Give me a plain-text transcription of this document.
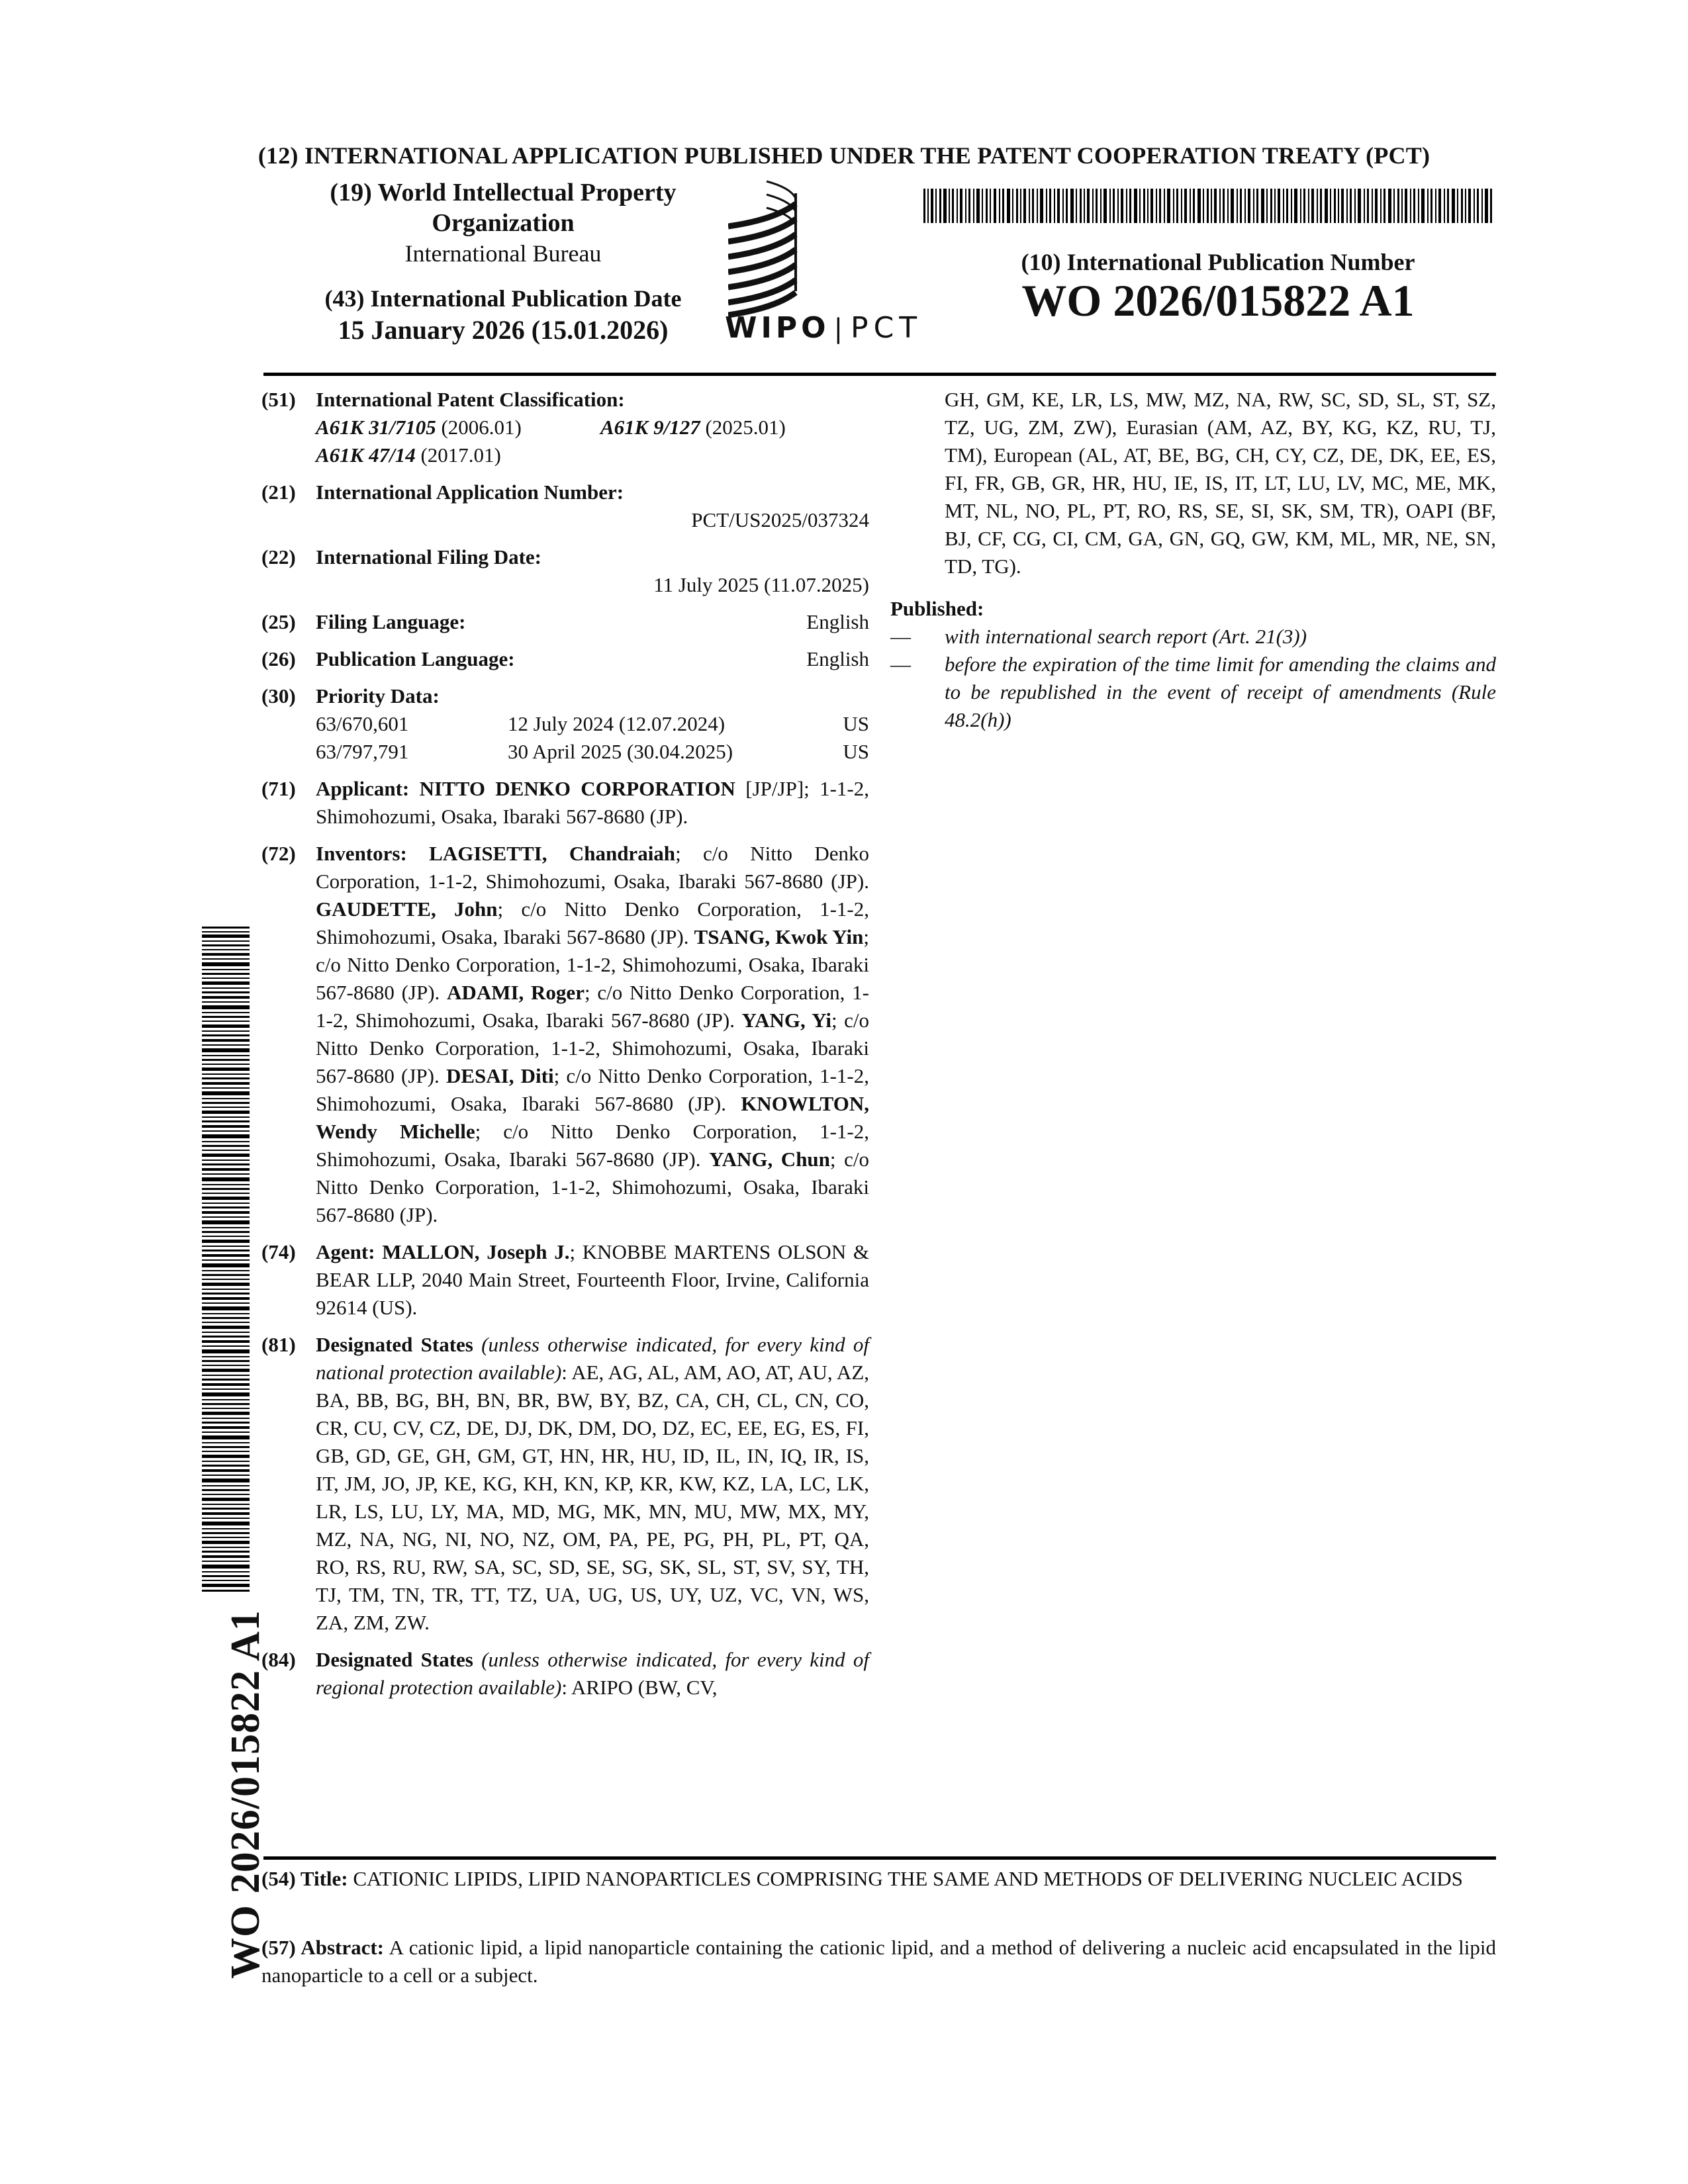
(12) INTERNATIONAL APPLICATION PUBLISHED UNDER THE PATENT COOPERATION TREATY (PCT)
(19) World Intellectual Property
Organization
International Bureau
(43) International Publication Date
15 January 2026 (15.01.2026)	WIPO | PCT
(10) International Publication Number
WO 2026/015822 A1
(51) International Patent Classification:
A61K 31/7105 (2006.01)	A61K 9/127 (2025.01)
A61K 47/14 (2017.01)
(21) International Application Number:
PCT/US2025/037324
(22) International Filing Date:
11 July 2025 (11.07.2025)
(25) Filing Language:	English
(26) Publication Language:	English
(30) Priority Data:
63/670,601	12 July 2024 (12.07.2024)	US
63/797,791	30 April 2025 (30.04.2025)	US
(71) Applicant: NITTO DENKO CORPORATION [JP/JP]; 1-1-2, Shimohozumi, Osaka, Ibaraki 567-8680 (JP).
(72) Inventors: LAGISETTI, Chandraiah; c/o Nitto Denko Corporation, 1-1-2, Shimohozumi, Osaka, Ibaraki 567-8680 (JP). GAUDETTE, John; c/o Nitto Denko Corporation, 1-1-2, Shimohozumi, Osaka, Ibaraki 567-8680 (JP). TSANG, Kwok Yin; c/o Nitto Denko Corporation, 1-1-2, Shimohozumi, Osaka, Ibaraki 567-8680 (JP). ADAMI, Roger; c/o Nitto Denko Corporation, 1-1-2, Shimohozumi, Osaka, Ibaraki 567-8680 (JP). YANG, Yi; c/o Nitto Denko Corporation, 1-1-2, Shimohozumi, Osaka, Ibaraki 567-8680 (JP). DESAI, Diti; c/o Nitto Denko Corporation, 1-1-2, Shimohozumi, Osaka, Ibaraki 567-8680 (JP). KNOWLTON, Wendy Michelle; c/o Nitto Denko Corporation, 1-1-2, Shimohozumi, Osaka, Ibaraki 567-8680 (JP). YANG, Chun; c/o Nitto Denko Corporation, 1-1-2, Shimohozumi, Osaka, Ibaraki 567-8680 (JP).
(74) Agent: MALLON, Joseph J.; KNOBBE MARTENS OLSON & BEAR LLP, 2040 Main Street, Fourteenth Floor, Irvine, California 92614 (US).
(81) Designated States (unless otherwise indicated, for every kind of national protection available): AE, AG, AL, AM, AO, AT, AU, AZ, BA, BB, BG, BH, BN, BR, BW, BY, BZ, CA, CH, CL, CN, CO, CR, CU, CV, CZ, DE, DJ, DK, DM, DO, DZ, EC, EE, EG, ES, FI, GB, GD, GE, GH, GM, GT, HN, HR, HU, ID, IL, IN, IQ, IR, IS, IT, JM, JO, JP, KE, KG, KH, KN, KP, KR, KW, KZ, LA, LC, LK, LR, LS, LU, LY, MA, MD, MG, MK, MN, MU, MW, MX, MY, MZ, NA, NG, NI, NO, NZ, OM, PA, PE, PG, PH, PL, PT, QA, RO, RS, RU, RW, SA, SC, SD, SE, SG, SK, SL, ST, SV, SY, TH, TJ, TM, TN, TR, TT, TZ, UA, UG, US, UY, UZ, VC, VN, WS, ZA, ZM, ZW.
(84) Designated States (unless otherwise indicated, for every kind of regional protection available): ARIPO (BW, CV,
GH, GM, KE, LR, LS, MW, MZ, NA, RW, SC, SD, SL, ST, SZ, TZ, UG, ZM, ZW), Eurasian (AM, AZ, BY, KG, KZ, RU, TJ, TM), European (AL, AT, BE, BG, CH, CY, CZ, DE, DK, EE, ES, FI, FR, GB, GR, HR, HU, IE, IS, IT, LT, LU, LV, MC, ME, MK, MT, NL, NO, PL, PT, RO, RS, SE, SI, SK, SM, TR), OAPI (BF, BJ, CF, CG, CI, CM, GA, GN, GQ, GW, KM, ML, MR, NE, SN, TD, TG).
Published:
—	with international search report (Art. 21(3))
—	before the expiration of the time limit for amending the claims and to be republished in the event of receipt of amendments (Rule 48.2(h))
(54) Title: CATIONIC LIPIDS, LIPID NANOPARTICLES COMPRISING THE SAME AND METHODS OF DELIVERING NUCLEIC ACIDS
(57) Abstract: A cationic lipid, a lipid nanoparticle containing the cationic lipid, and a method of delivering a nucleic acid encapsulated in the lipid nanoparticle to a cell or a subject.
WO 2026/015822 A1
